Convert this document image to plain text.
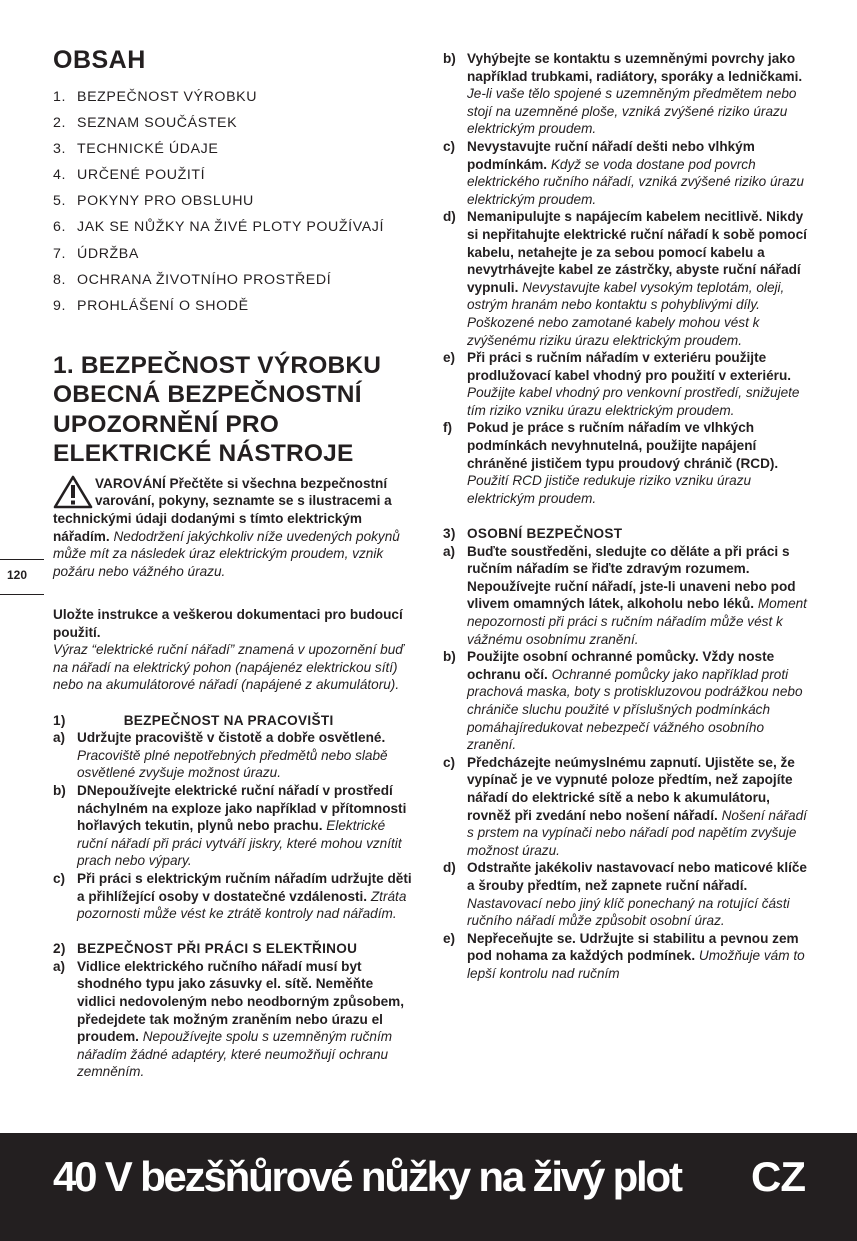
OBSAH
1. BEZPEČNOST VÝROBKU
2. SEZNAM SOUČÁSTEK
3. TECHNICKÉ ÚDAJE
4. URČENÉ POUŽITÍ
5. POKYNY PRO OBSLUHU
6. JAK SE NŮŽKY NA ŽIVÉ PLOTY POUŽÍVAJÍ
7. ÚDRŽBA
8. OCHRANA ŽIVOTNÍHO PROSTŘEDÍ
9. PROHLÁŠENÍ O SHODĚ
1. BEZPEČNOST VÝROBKU
OBECNÁ BEZPEČNOSTNÍ
UPOZORNĚNÍ PRO
ELEKTRICKÉ NÁSTROJE
VAROVÁNÍ Přečtěte si všechna bezpečnostní varování, pokyny, seznamte se s ilustracemi a technickými údaji dodanými s tímto elektrickým nářadím. Nedodržení jakýchkoliv níže uvedených pokynů může mít za následek úraz elektrickým proudem, vznik požáru nebo vážného úrazu.
Uložte instrukce a veškerou dokumentaci pro budoucí použití.
Výraz “elektrické ruční nářadí” znamená v upozornění buď na nářadí na elektrický pohon (napájenéz elektrickou sítí) nebo na akumulátorové nářadí (napájené z akumulátoru).
1)	BEZPEČNOST NA PRACOVIŠTI
a) Udržujte pracoviště v čistotě a dobře osvětlené. Pracoviště plné nepotřebných předmětů nebo slabě osvětlené zvyšuje možnost úrazu.
b) DNepoužívejte elektrické ruční nářadí v prostředí náchylném na exploze jako například v přítomnosti hořlavých tekutin, plynů nebo prachu. Elektrické ruční nářadí při práci vytváří jiskry, které mohou vznítit prach nebo výpary.
c) Při práci s elektrickým ručním nářadím udržujte děti a přihlížející osoby v dostatečné vzdálenosti. Ztráta pozornosti může vést ke ztrátě kontroly nad nářadím.
2) BEZPEČNOST PŘI PRÁCI S ELEKTŘINOU
a) Vidlice elektrického ručního nářadí musí byt shodného typu jako zásuvky el. sítě. Neměňte vidlici nedovoleným nebo neodborným způsobem, předejdete tak možným zraněním nebo úrazu el proudem. Nepoužívejte spolu s uzemněným ručním nářadím žádné adaptéry, které neumožňují ochranu zemněním.
b) Vyhýbejte se kontaktu s uzemněnými povrchy jako například trubkami, radiátory, sporáky a ledničkami. Je-li vaše tělo spojené s uzemněným předmětem nebo stojí na uzemněné ploše, vzniká zvýšené riziko úrazu elektrickým proudem.
c) Nevystavujte ruční nářadí dešti nebo vlhkým podmínkám. Když se voda dostane pod povrch elektrického ručního nářadí, vzniká zvýšené riziko úrazu elektrickým proudem.
d) Nemanipulujte s napájecím kabelem necitlivě. Nikdy si nepřitahujte elektrické ruční nářadí k sobě pomocí kabelu, netahejte je za sebou pomocí kabelu a nevytrhávejte kabel ze zástrčky, abyste ruční nářadí vypnuli. Nevystavujte kabel vysokým teplotám, oleji, ostrým hranám nebo kontaktu s pohyblivými díly. Poškozené nebo zamotané kabely mohou vést k zvýšenému riziku úrazu elektrickým proudem.
e) Při práci s ručním nářadím v exteriéru použijte prodlužovací kabel vhodný pro použití v exteriéru. Použijte kabel vhodný pro venkovní prostředí, snižujete tím riziko vzniku úrazu elektrickým proudem.
f)	Pokud je práce s ručním nářadím ve vlhkých podmínkách nevyhnutelná, použijte napájení chráněné jističem typu proudový chránič (RCD). Použití RCD jističe redukuje riziko vzniku úrazu elektrickým proudem.
3) OSOBNÍ BEZPEČNOST
a) Buďte soustředěni, sledujte co děláte a při práci s ručním nářadím se řiďte zdravým rozumem. Nepoužívejte ruční nářadí, jste-li unaveni nebo pod vlivem omamných látek, alkoholu nebo léků. Moment nepozornosti při práci s ručním nářadím může vést k vážnému osobnímu zranění.
b) Použijte osobní ochranné pomůcky. Vždy noste ochranu očí. Ochranné pomůcky jako například proti prachová maska, boty s protiskluzovou podrážkou nebo chrániče sluchu použité v příslušných podmínkách pomáhajíredukovat nebezpečí vážného osobního zranění.
c) Předcházejte neúmyslnému zapnutí. Ujistěte se, že vypínač je ve vypnuté poloze předtím, než zapojíte nářadí do elektrické sítě a nebo k akumulátoru, rovněž při zvedání nebo nošení nářadí. Nošení nářadí s prstem na vypínači nebo nářadí pod napětím zvyšuje možnost úrazu.
d) Odstraňte jakékoliv nastavovací nebo maticové klíče a šrouby předtím, než zapnete ruční nářadí. Nastavovací nebo jiný klíč ponechaný na rotující části ručního nářadí může způsobit osobní úraz.
e) Nepřeceňujte se. Udržujte si stabilitu a pevnou zem pod nohama za každých podmínek. Umožňuje vám to lepší kontrolu nad ručním
120
40 V bezšňůrové nůžky na živý plot CZ
